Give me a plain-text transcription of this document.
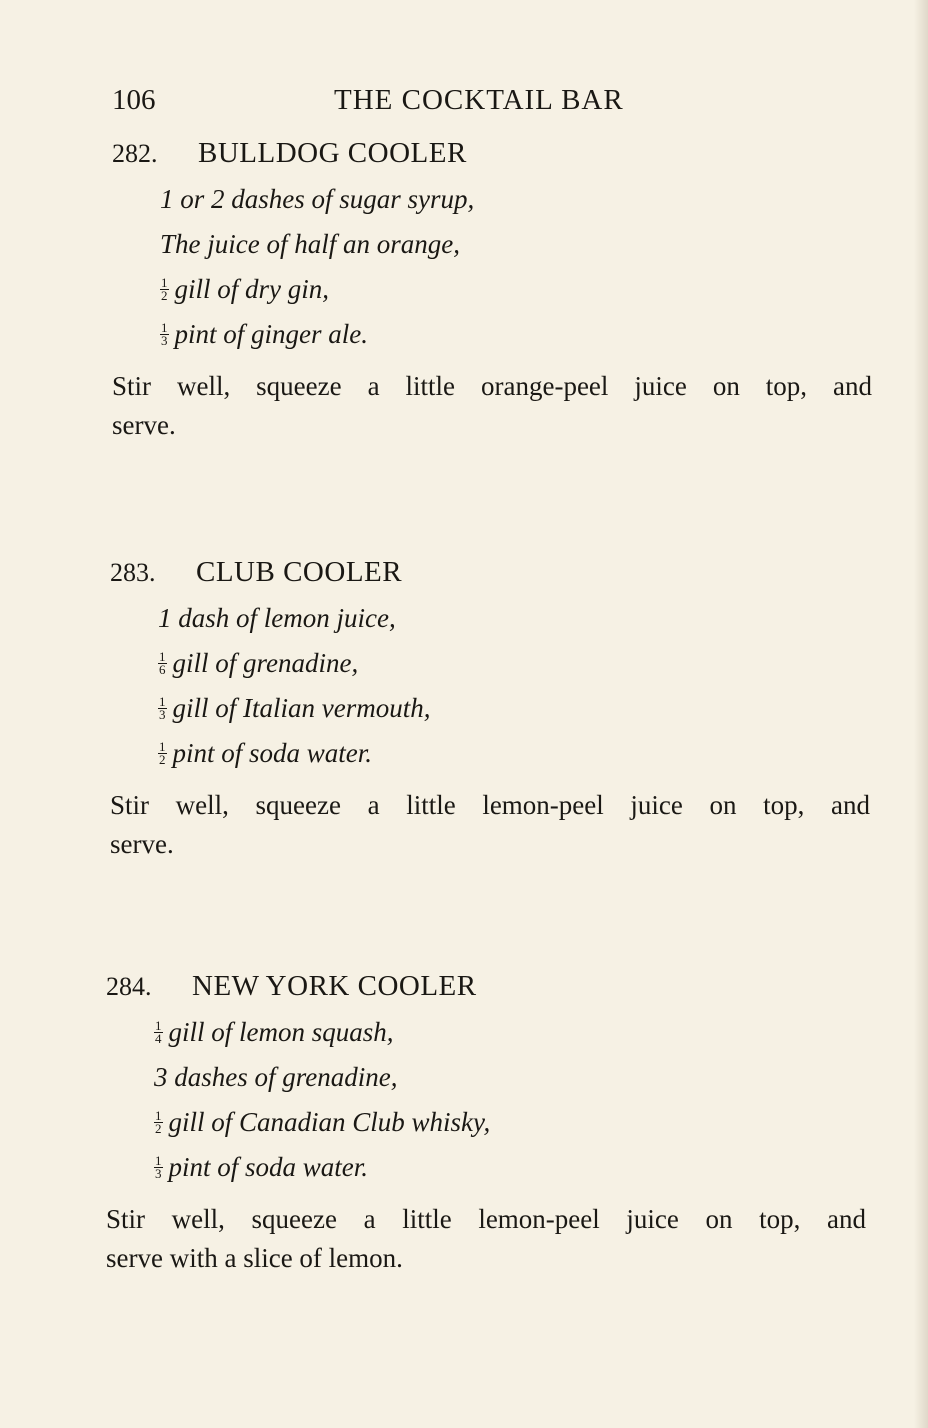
106	THE COCKTAIL BAR
282. BULLDOG COOLER
1 or 2 dashes of sugar syrup,
The juice of half an orange,
$\frac{1}{2}$ gill of dry gin,
$\frac{1}{3}$ pint of ginger ale.
Stir well, squeeze a little orange-peel juice on top, and
serve.
283. CLUB COOLER
1 dash of lemon juice,
$\frac{1}{6}$ gill of grenadine,
$\frac{1}{3}$ gill of Italian vermouth,
$\frac{1}{2}$ pint of soda water.
Stir well, squeeze a little lemon-peel juice on top, and
serve.
284. NEW YORK COOLER
$\frac{1}{4}$ gill of lemon squash,
3 dashes of grenadine,
$\frac{1}{2}$ gill of Canadian Club whisky,
$\frac{1}{3}$ pint of soda water.
Stir well, squeeze a little lemon-peel juice on top, and
serve with a slice of lemon.
